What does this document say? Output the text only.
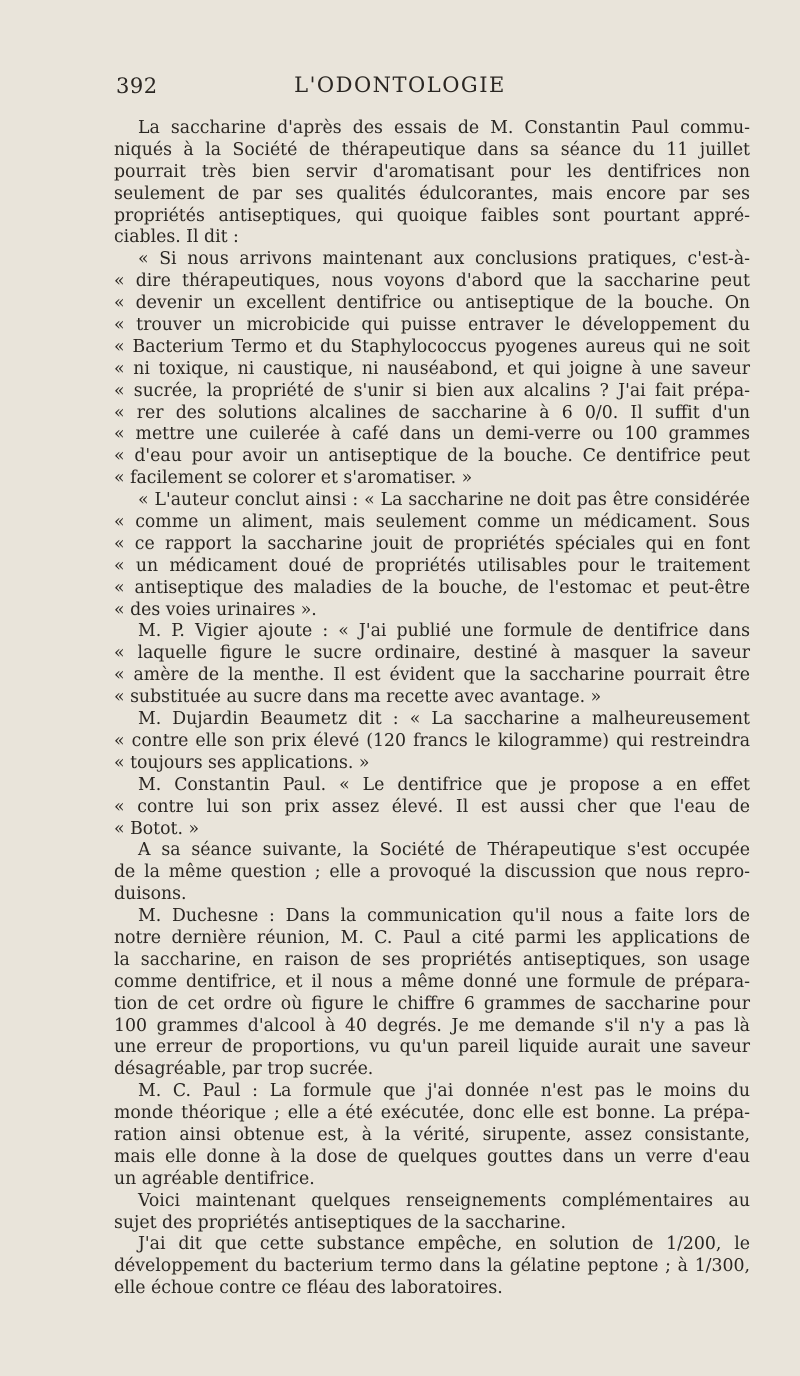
392	L'ODONTOLOGIE
La saccharine d'après des essais de M. Constantin Paul commu-
niqués à la Société de thérapeutique dans sa séance du 11 juillet
pourrait très bien servir d'aromatisant pour les dentifrices non
seulement de par ses qualités édulcorantes, mais encore par ses
propriétés antiseptiques, qui quoique faibles sont pourtant appré-
ciables. Il dit :
« Si nous arrivons maintenant aux conclusions pratiques, c'est-à-
« dire thérapeutiques, nous voyons d'abord que la saccharine peut
« devenir un excellent dentifrice ou antiseptique de la bouche. On
« trouver un microbicide qui puisse entraver le développement du
« Bacterium Termo et du Staphylococcus pyogenes aureus qui ne soit
« ni toxique, ni caustique, ni nauséabond, et qui joigne à une saveur
« sucrée, la propriété de s'unir si bien aux alcalins ? J'ai fait prépa-
« rer des solutions alcalines de saccharine à 6 0/0. Il suffit d'un
« mettre une cuilerée à café dans un demi-verre ou 100 grammes
« d'eau pour avoir un antiseptique de la bouche. Ce dentifrice peut
« facilement se colorer et s'aromatiser. »
« L'auteur conclut ainsi : « La saccharine ne doit pas être considérée
« comme un aliment, mais seulement comme un médicament. Sous
« ce rapport la saccharine jouit de propriétés spéciales qui en font
« un médicament doué de propriétés utilisables pour le traitement
« antiseptique des maladies de la bouche, de l'estomac et peut-être
« des voies urinaires ».
M. P. Vigier ajoute : « J'ai publié une formule de dentifrice dans
« laquelle figure le sucre ordinaire, destiné à masquer la saveur
« amère de la menthe. Il est évident que la saccharine pourrait être
« substituée au sucre dans ma recette avec avantage. »
M. Dujardin Beaumetz dit : « La saccharine a malheureusement
« contre elle son prix élevé (120 francs le kilogramme) qui restreindra
« toujours ses applications. »
M. Constantin Paul. « Le dentifrice que je propose a en effet
« contre lui son prix assez élevé. Il est aussi cher que l'eau de
« Botot. »
A sa séance suivante, la Société de Thérapeutique s'est occupée
de la même question ; elle a provoqué la discussion que nous repro-
duisons.
M. Duchesne : Dans la communication qu'il nous a faite lors de
notre dernière réunion, M. C. Paul a cité parmi les applications de
la saccharine, en raison de ses propriétés antiseptiques, son usage
comme dentifrice, et il nous a même donné une formule de prépara-
tion de cet ordre où figure le chiffre 6 grammes de saccharine pour
100 grammes d'alcool à 40 degrés. Je me demande s'il n'y a pas là
une erreur de proportions, vu qu'un pareil liquide aurait une saveur
désagréable, par trop sucrée.
M. C. Paul : La formule que j'ai donnée n'est pas le moins du
monde théorique ; elle a été exécutée, donc elle est bonne. La prépa-
ration ainsi obtenue est, à la vérité, sirupente, assez consistante,
mais elle donne à la dose de quelques gouttes dans un verre d'eau
un agréable dentifrice.
Voici maintenant quelques renseignements complémentaires au
sujet des propriétés antiseptiques de la saccharine.
J'ai dit que cette substance empêche, en solution de 1/200, le
développement du bacterium termo dans la gélatine peptone ; à 1/300,
elle échoue contre ce fléau des laboratoires.
